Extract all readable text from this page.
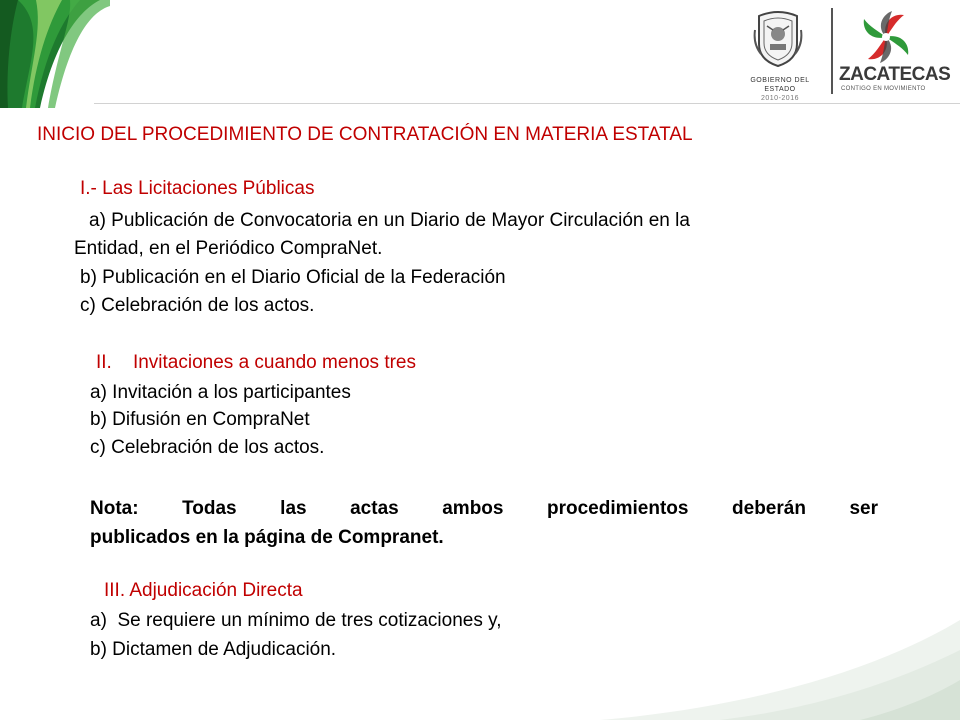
GOBIERNO DEL ESTADO
2010-2016
ZACATECAS
CONTIGO EN MOVIMIENTO
INICIO DEL PROCEDIMIENTO DE CONTRATACIÓN EN MATERIA ESTATAL
I.- Las Licitaciones Públicas
a) Publicación de Convocatoria en un Diario de Mayor Circulación en la
Entidad, en el Periódico CompraNet.
b) Publicación en el Diario Oficial de la Federación
c) Celebración de los actos.
II.    Invitaciones a cuando menos tres
a) Invitación a los participantes
b) Difusión en CompraNet
c) Celebración de los actos.
Nota: Todas las actas ambos procedimientos deberán ser
publicados en la página de Compranet.
III. Adjudicación Directa
a)  Se requiere un mínimo de tres cotizaciones y,
b) Dictamen de Adjudicación.
